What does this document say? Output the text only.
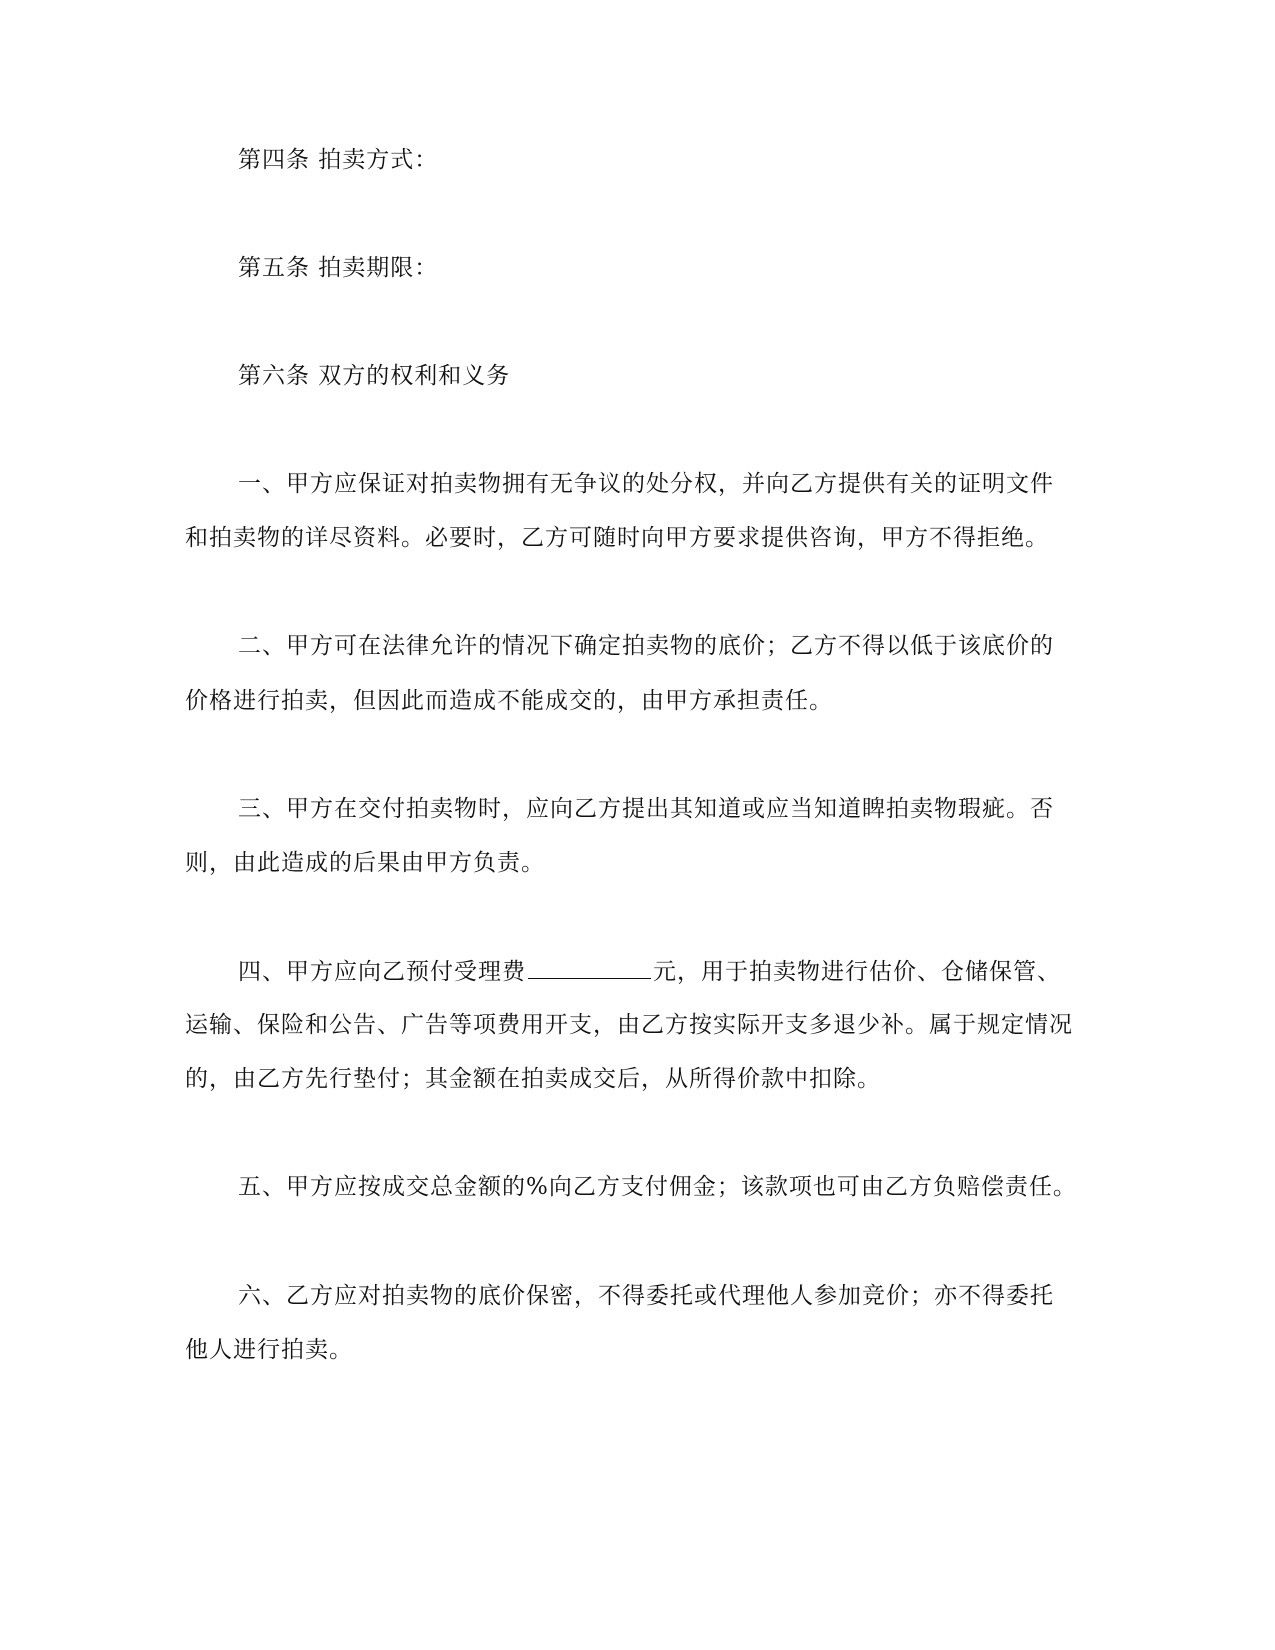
第四条 拍卖方式：
第五条 拍卖期限：
第六条 双方的权利和义务
一、甲方应保证对拍卖物拥有无争议的处分权，并向乙方提供有关的证明文件
和拍卖物的详尽资料。必要时，乙方可随时向甲方要求提供咨询，甲方不得拒绝。
二、甲方可在法律允许的情况下确定拍卖物的底价；乙方不得以低于该底价的
价格进行拍卖，但因此而造成不能成交的，由甲方承担责任。
三、甲方在交付拍卖物时，应向乙方提出其知道或应当知道睥拍卖物瑕疵。否
则，由此造成的后果由甲方负责。
四、甲方应向乙预付受理费	元，用于拍卖物进行估价、仓储保管、
运输、保险和公告、广告等项费用开支，由乙方按实际开支多退少补。属于规定情况
的，由乙方先行垫付；其金额在拍卖成交后，从所得价款中扣除。
五、甲方应按成交总金额的%向乙方支付佣金；该款项也可由乙方负赔偿责任。
六、乙方应对拍卖物的底价保密，不得委托或代理他人参加竞价；亦不得委托
他人进行拍卖。
